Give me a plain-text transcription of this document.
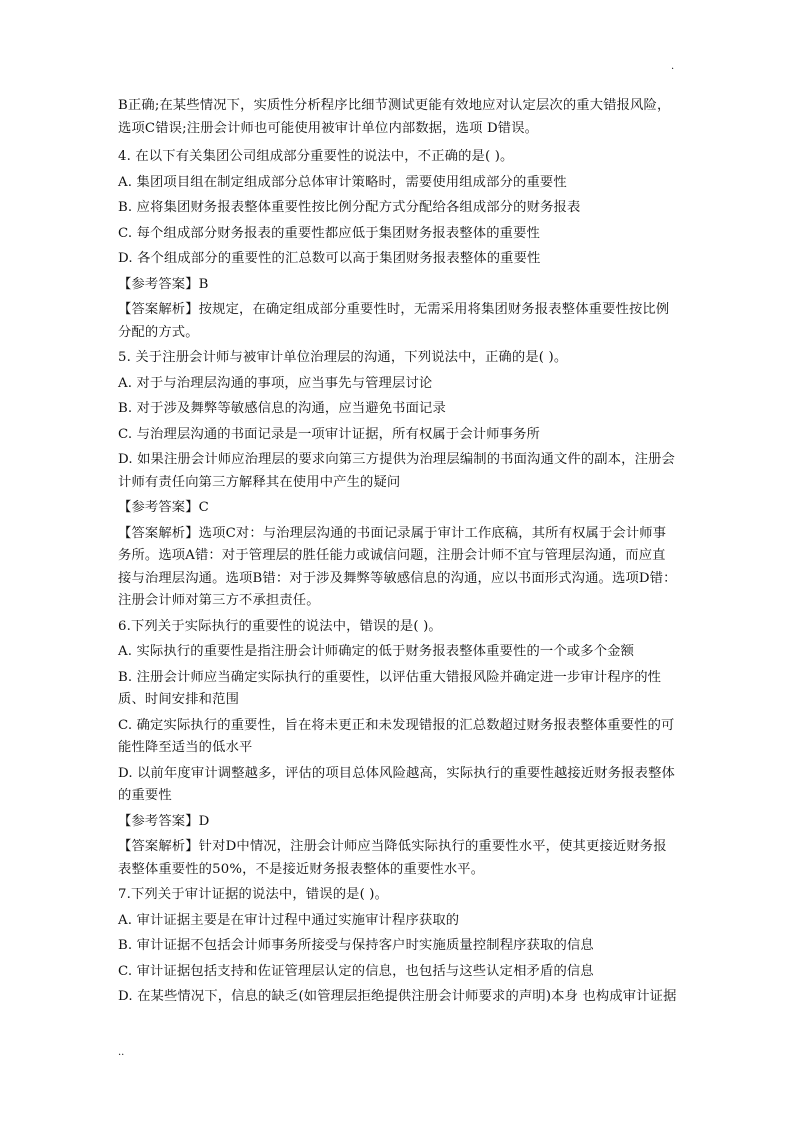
.

B正确;在某些情况下，实质性分析程序比细节测试更能有效地应对认定层次的重大错报风险，选项C错误;注册会计师也可能使用被审计单位内部数据，选项 D错误。

4. 在以下有关集团公司组成部分重要性的说法中，不正确的是( )。

A. 集团项目组在制定组成部分总体审计策略时，需要使用组成部分的重要性

B. 应将集团财务报表整体重要性按比例分配方式分配给各组成部分的财务报表

C. 每个组成部分财务报表的重要性都应低于集团财务报表整体的重要性

D. 各个组成部分的重要性的汇总数可以高于集团财务报表整体的重要性

【参考答案】B

【答案解析】按规定，在确定组成部分重要性时，无需采用将集团财务报表整体重要性按比例分配的方式。

5. 关于注册会计师与被审计单位治理层的沟通，下列说法中，正确的是( )。

A. 对于与治理层沟通的事项，应当事先与管理层讨论

B. 对于涉及舞弊等敏感信息的沟通，应当避免书面记录

C. 与治理层沟通的书面记录是一项审计证据，所有权属于会计师事务所

D. 如果注册会计师应治理层的要求向第三方提供为治理层编制的书面沟通文件的副本，注册会计师有责任向第三方解释其在使用中产生的疑问

【参考答案】C

【答案解析】选项C对：与治理层沟通的书面记录属于审计工作底稿，其所有权属于会计师事务所。选项A错：对于管理层的胜任能力或诚信问题，注册会计师不宜与管理层沟通，而应直接与治理层沟通。选项B错：对于涉及舞弊等敏感信息的沟通，应以书面形式沟通。选项D错：注册会计师对第三方不承担责任。

6.下列关于实际执行的重要性的说法中，错误的是( )。

A. 实际执行的重要性是指注册会计师确定的低于财务报表整体重要性的一个或多个金额

B. 注册会计师应当确定实际执行的重要性，以评估重大错报风险并确定进一步审计程序的性质、时间安排和范围

C. 确定实际执行的重要性，旨在将未更正和未发现错报的汇总数超过财务报表整体重要性的可能性降至适当的低水平

D. 以前年度审计调整越多，评估的项目总体风险越高，实际执行的重要性越接近财务报表整体的重要性

【参考答案】D

【答案解析】针对D中情况，注册会计师应当降低实际执行的重要性水平，使其更接近财务报表整体重要性的50%，不是接近财务报表整体的重要性水平。

7.下列关于审计证据的说法中，错误的是( )。

A. 审计证据主要是在审计过程中通过实施审计程序获取的

B. 审计证据不包括会计师事务所接受与保持客户时实施质量控制程序获取的信息

C. 审计证据包括支持和佐证管理层认定的信息，也包括与这些认定相矛盾的信息

D. 在某些情况下，信息的缺乏(如管理层拒绝提供注册会计师要求的声明)本身 也构成审计证据

..
